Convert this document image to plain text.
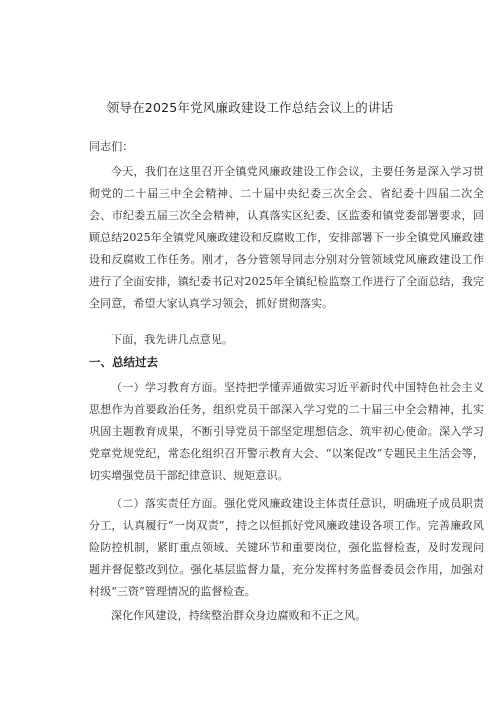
领导在2025年党风廉政建设工作总结会议上的讲话

同志们：

今天，我们在这里召开全镇党风廉政建设工作会议，主要任务是深入学习贯彻党的二十届三中全会精神、二十届中央纪委三次全会、省纪委十四届二次全会、市纪委五届三次全会精神，认真落实区纪委、区监委和镇党委部署要求，回顾总结2025年全镇党风廉政建设和反腐败工作，安排部署下一步全镇党风廉政建设和反腐败工作任务。刚才，各分管领导同志分别对分管领域党风廉政建设工作进行了全面安排，镇纪委书记对2025年全镇纪检监察工作进行了全面总结，我完全同意，希望大家认真学习领会，抓好贯彻落实。

下面，我先讲几点意见。

一、总结过去

（一）学习教育方面。坚持把学懂弄通做实习近平新时代中国特色社会主义思想作为首要政治任务，组织党员干部深入学习党的二十届三中全会精神，扎实巩固主题教育成果，不断引导党员干部坚定理想信念、筑牢初心使命。深入学习党章党规党纪，常态化组织召开警示教育大会、“以案促改”专题民主生活会等，切实增强党员干部纪律意识、规矩意识。

（二）落实责任方面。强化党风廉政建设主体责任意识，明确班子成员职责分工，认真履行“一岗双责”，持之以恒抓好党风廉政建设各项工作。完善廉政风险防控机制，紧盯重点领域、关键环节和重要岗位，强化监督检查，及时发现问题并督促整改到位。强化基层监督力量，充分发挥村务监督委员会作用，加强对村级“三资”管理情况的监督检查。

深化作风建设，持续整治群众身边腐败和不正之风。
